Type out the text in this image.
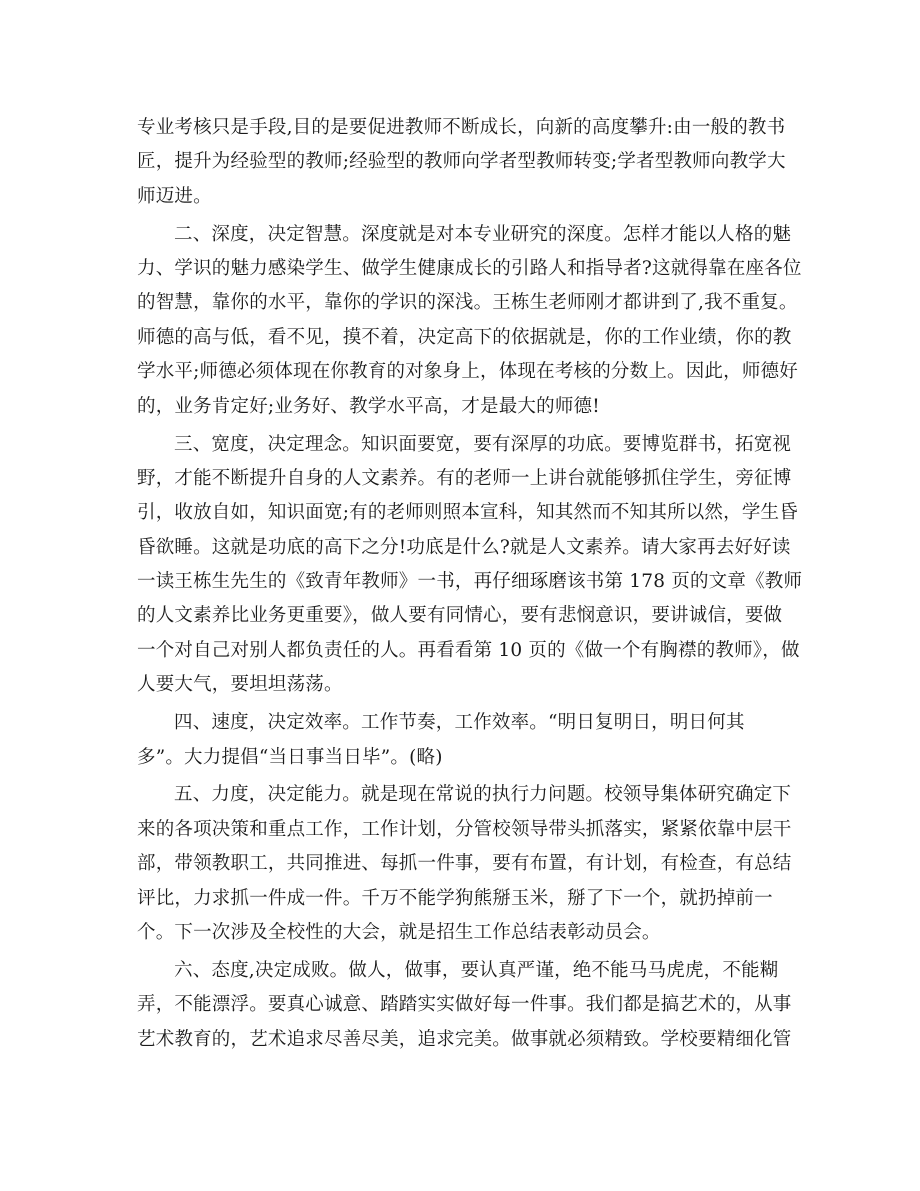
专业考核只是手段,目的是要促进教师不断成长，向新的高度攀升:由一般的教书
匠，提升为经验型的教师;经验型的教师向学者型教师转变;学者型教师向教学大
师迈进。
二、深度，决定智慧。深度就是对本专业研究的深度。怎样才能以人格的魅
力、学识的魅力感染学生、做学生健康成长的引路人和指导者?这就得靠在座各位
的智慧，靠你的水平，靠你的学识的深浅。王栋生老师刚才都讲到了,我不重复。
师德的高与低，看不见，摸不着，决定高下的依据就是，你的工作业绩，你的教
学水平;师德必须体现在你教育的对象身上，体现在考核的分数上。因此，师德好
的，业务肯定好;业务好、教学水平高，才是最大的师德!
三、宽度，决定理念。知识面要宽，要有深厚的功底。要博览群书，拓宽视
野，才能不断提升自身的人文素养。有的老师一上讲台就能够抓住学生，旁征博
引，收放自如，知识面宽;有的老师则照本宣科，知其然而不知其所以然，学生昏
昏欲睡。这就是功底的高下之分!功底是什么?就是人文素养。请大家再去好好读
一读王栋生先生的《致青年教师》一书，再仔细琢磨该书第 178 页的文章《教师
的人文素养比业务更重要》，做人要有同情心，要有悲悯意识，要讲诚信，要做
一个对自己对别人都负责任的人。再看看第 10 页的《做一个有胸襟的教师》，做
人要大气，要坦坦荡荡。
四、速度，决定效率。工作节奏，工作效率。“明日复明日，明日何其
多”。大力提倡“当日事当日毕”。(略)
五、力度，决定能力。就是现在常说的执行力问题。校领导集体研究确定下
来的各项决策和重点工作，工作计划，分管校领导带头抓落实，紧紧依靠中层干
部，带领教职工，共同推进、每抓一件事，要有布置，有计划，有检查，有总结
评比，力求抓一件成一件。千万不能学狗熊掰玉米，掰了下一个，就扔掉前一
个。下一次涉及全校性的大会，就是招生工作总结表彰动员会。
六、态度,决定成败。做人，做事，要认真严谨，绝不能马马虎虎，不能糊
弄，不能漂浮。要真心诚意、踏踏实实做好每一件事。我们都是搞艺术的，从事
艺术教育的，艺术追求尽善尽美，追求完美。做事就必须精致。学校要精细化管
